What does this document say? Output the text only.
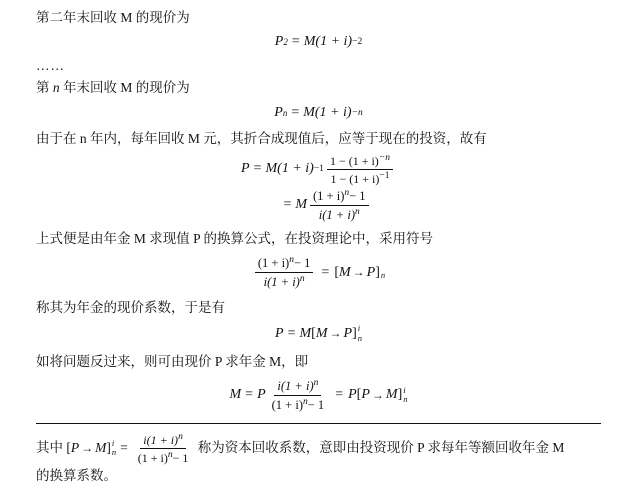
第二年末回收 M 的现价为

P 2 = M (1 + i) −2
……

第 n 年末回收 M 的现价为

P n = M (1 + i) −n

由于在 n 年内，每年回收 M 元，其折合成现值后，应等于现在的投资，故有

P = M $(1 + i) -1 \frac{1 - (1 + i)^{-n}}{1 - (1 + i)^{-1}}$
= M $\frac{(1 + i)^n- 1}{i(1 + i)^n}$

上式便是由年金 M 求现值 P 的换算公式，在投资理论中，采用符号

$\frac{(1 + i)^n- 1}{i(1 + i)^n}$ = [ M → P ] n

称其为年金的现价系数，于是有

P = M [ M → P ] i
n

如将问题反过来，则可由现价 P 求年金 M，即

M = P $\frac{i(1 + i)^n}{(1 + i)^n- 1} = P$ [ P → M ] i
n
其中 [ P → M ] i
$n = \frac{i(1 + i)^n}{(1 + i)^n- 1}$ 称为资本回收系数，意即由投资现价 P 求每年等额回收年金 M
的换算系数。
